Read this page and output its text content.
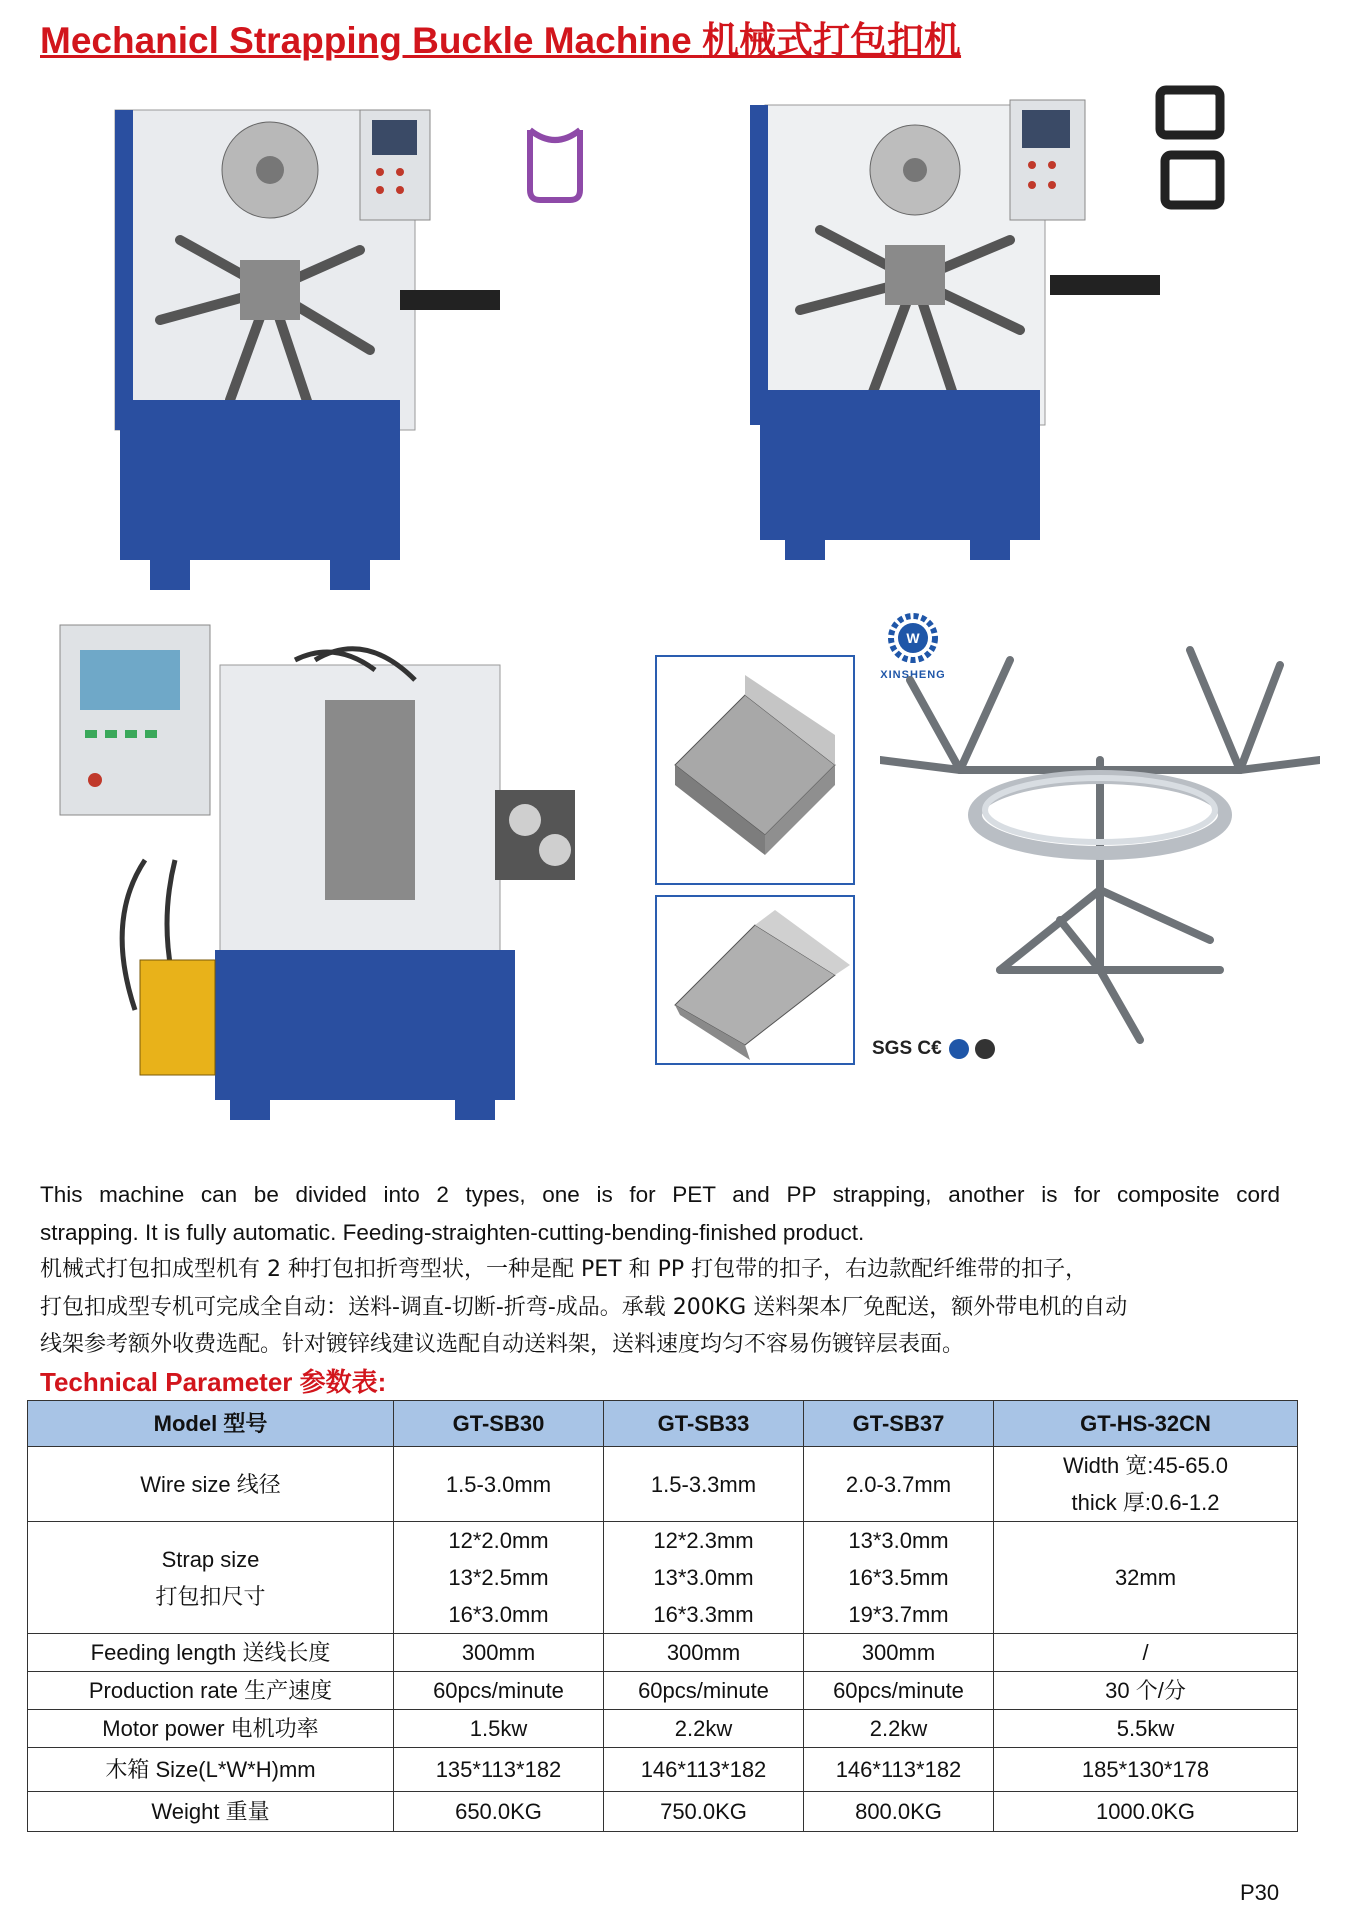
Mechanicl Strapping Buckle Machine 机械式打包扣机
W
XINSHENG
SGS C€

This machine can be divided into 2 types, one is for PET and PP strapping, another is for composite cord

strapping. It is fully automatic. Feeding-straighten-cutting-bending-finished product.

机械式打包扣成型机有 2 种打包扣折弯型状，一种是配 PET 和 PP 打包带的扣子，右边款配纤维带的扣子，

打包扣成型专机可完成全自动：送料-调直-切断-折弯-成品。承载 200KG 送料架本厂免配送，额外带电机的自动

线架参考额外收费选配。针对镀锌线建议选配自动送料架，送料速度均匀不容易伤镀锌层表面。

Technical Parameter 参数表:
Model 型号	GT-SB30	GT-SB33	GT-SB37	GT-HS-32CN

Wire size 线径	1.5-3.0mm	1.5-3.3mm	2.0-3.7mm	Width 宽:45-65.0
thick 厚:0.6-1.2

Strap size
打包扣尺寸	12*2.0mm
13*2.5mm
16*3.0mm	12*2.3mm
13*3.0mm
16*3.3mm	13*3.0mm
16*3.5mm
19*3.7mm	32mm

Feeding length 送线长度	300mm	300mm	300mm	/

Production rate 生产速度	60pcs/minute	60pcs/minute	60pcs/minute	30 个/分

Motor power 电机功率	1.5kw	2.2kw	2.2kw	5.5kw

木箱 Size(L*W*H)mm	135*113*182	146*113*182	146*113*182	185*130*178

Weight 重量	650.0KG	750.0KG	800.0KG	1000.0KG
P30
